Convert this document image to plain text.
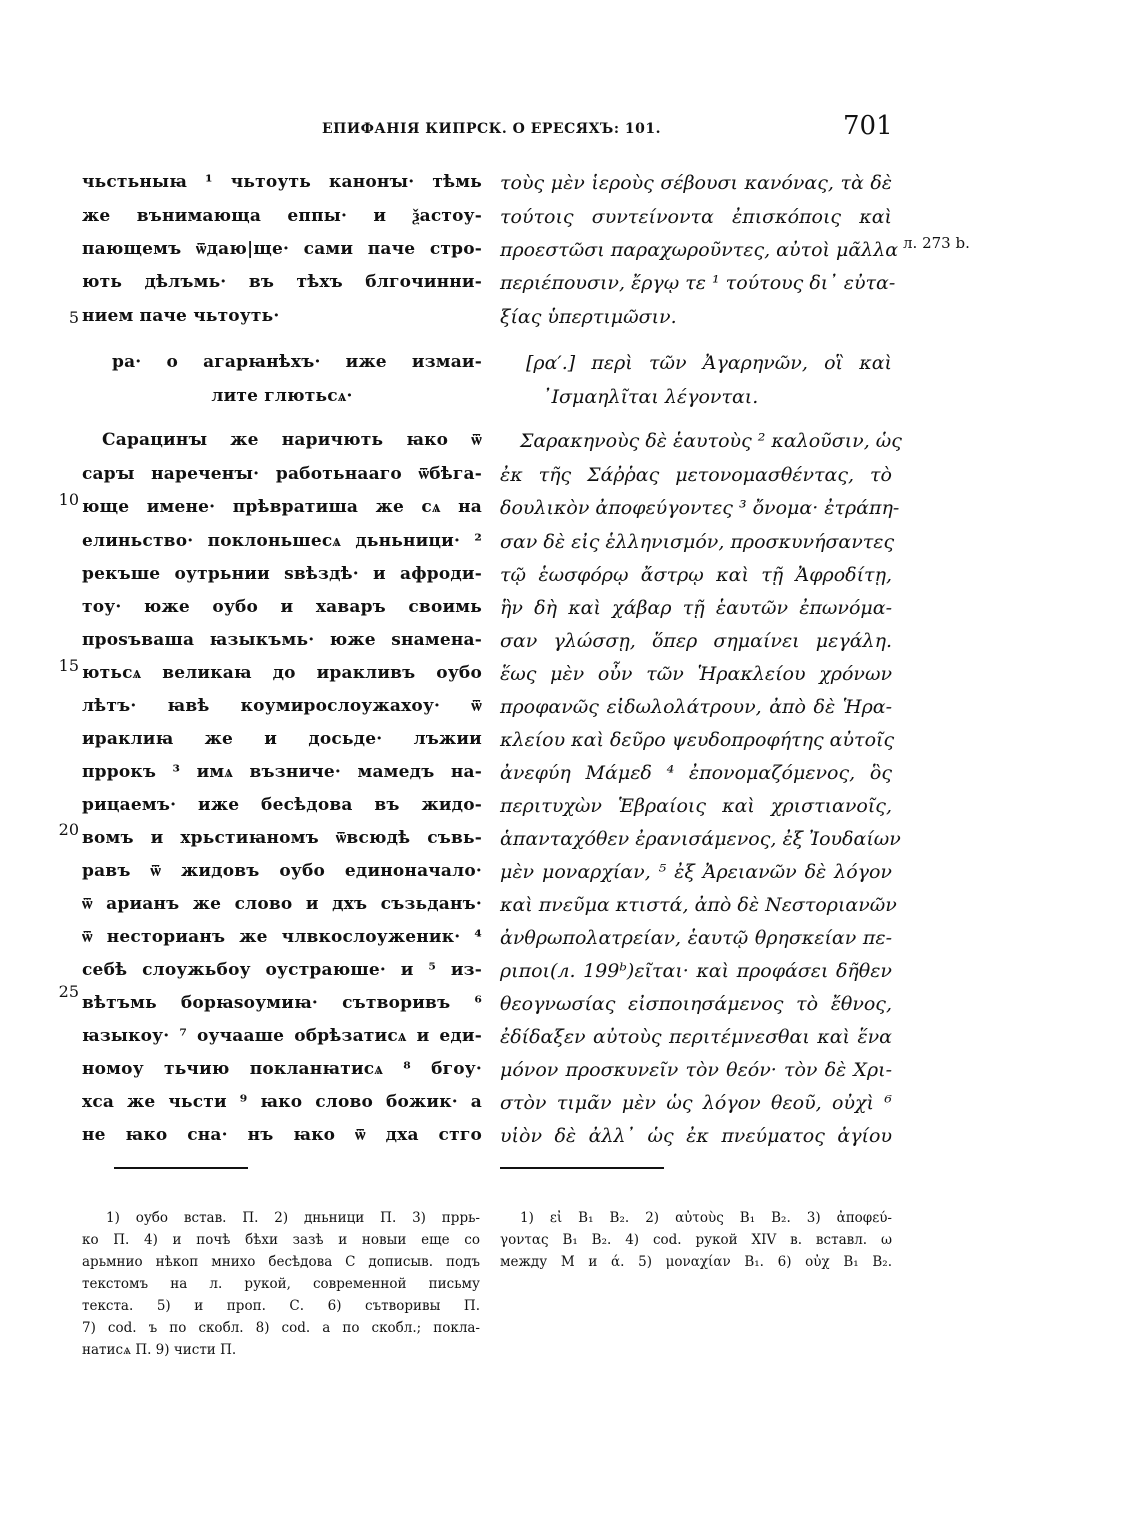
ЕПИФАНІЯ КИПРСК. О ЕРЕСЯХЪ: 101.	701
5
10
15
20
25
л. 273 b.
чьстьныꙗ ¹ чьтоуть канонꙑ· тѣмь
же вънимающа еппы· и ѯастоу-
пающемъ ѿдаю|ще· сами паче стро-
ють дѣлъмь· въ тѣхъ блгочинни-
нием паче чьтоуть·
ра· о агарꙗнѣхъ· иже измаи-
лите глютьсѧ·
Сарацинꙑ же наричють ꙗко ѿ
сарꙑ нареченꙑ· работьнааго ѿбѣга-
юще имене· прѣвратиша же сѧ на
елиньство· поклоньшесѧ дьньници· ²
рекъше оутрьнии ѕвѣздѣ· и афроди-
тоу· юже оубо и хаваръ своимь
проѕъваша ꙗзыкъмь· юже ѕнамена-
ютьсѧ великаꙗ до иракливъ оубо
лѣтъ· ꙗвѣ коумирослоужахоу· ѿ
ираклиꙗ же и досьде· лъжии
пррокъ ³ имѧ възниче· мамедъ на-
рицаемъ· иже бесѣдова въ жидо-
вомъ и хрьстиꙗномъ ѿвсюдѣ съвь-
равъ ѿ жидовъ оубо единоначало·
ѿ арианъ же слово и дхъ съзьданъ·
ѿ несторианъ же члвкослоуженик· ⁴
себѣ слоужьбоу оустраюше· и ⁵ из-
вѣтъмь борꙗѕоумиꙗ· сътворивъ ⁶
ꙗзыкоу· ⁷ оучааше обрѣзатисѧ и еди-
номоу тьчию покланꙗтисѧ ⁸ бгоу·
хса же чьсти ⁹ ꙗко слово божик· а
не ꙗко сна· нъ ꙗко ѿ дха стго
τοὺς μὲν ἱεροὺς σέβουσι κανόνας, τὰ δὲ
τούτοις συντείνοντα ἐπισκόποις καὶ
προεστῶσι παραχωροῦντες, αὐτοὶ μᾶλλα
περιέπουσιν, ἔργῳ τε ¹ τούτους δι᾽ εὐτα-
ξίας ὑπερτιμῶσιν.
[ρα′.] περὶ τῶν Ἀγαρηνῶν, οἳ καὶ
᾽Ισμαηλῖται λέγονται.
Σαρακηνοὺς δὲ ἑαυτοὺς ² καλοῦσιν, ὡς
ἐκ τῆς Σάῤῥας μετονομασθέντας, τὸ
δουλικὸν ἀποφεύγοντες ³ ὄνομα· ἐτράπη-
σαν δὲ εἰς ἑλληνισμόν, προσκυνήσαντες
τῷ ἑωσφόρῳ ἄστρῳ καὶ τῇ Ἀφροδίτῃ,
ἣν δὴ καὶ χάβαρ τῇ ἑαυτῶν ἐπωνόμα-
σαν γλώσσῃ, ὅπερ σημαίνει μεγάλη.
ἕως μὲν οὖν τῶν Ἡρακλείου χρόνων
προφανῶς εἰδωλολάτρουν, ἀπὸ δὲ Ἡρα-
κλείου καὶ δεῦρο ψευδοπροφήτης αὐτοῖς
ἀνεφύη Μάμεδ ⁴ ἐπονομαζόμενος, ὃς
περιτυχὼν Ἑβραίοις καὶ χριστιανοῖς,
ἁπανταχόθεν ἐρανισάμενος, ἐξ Ἰουδαίων
μὲν μοναρχίαν, ⁵ ἐξ Ἀρειανῶν δὲ λόγον
καὶ πνεῦμα κτιστά, ἀπὸ δὲ Νεστοριανῶν
ἀνθρωπολατρείαν, ἑαυτῷ θρησκείαν πε-
ριποι(л. 199ᵇ)εῖται· καὶ προφάσει δῆθεν
θεογνωσίας εἰσποιησάμενος τὸ ἔθνος,
ἐδίδαξεν αὐτοὺς περιτέμνεσθαι καὶ ἕνα
μόνον προσκυνεῖν τὸν θεόν· τὸν δὲ Χρι-
στὸν τιμᾶν μὲν ὡς λόγον θεοῦ, οὐχὶ ⁶
υἱὸν δὲ ἀλλ᾽ ὡς ἐκ πνεύματος ἁγίου
1) оубо встав. П. 2) дньници П. 3) пррь-
ко П. 4) и почѣ бѣхи зазѣ и новыи еще со
арьмнио нѣкоп мнихо бесѣдова С дописыв. подъ
текстомъ на л. рукой, современной письму
текста. 5) и проп. С. 6) сътворивы П.
7) cod. ъ по скобл. 8) cod. а по скобл.; покла-
натисѧ П. 9) чисти П.
1) εἰ B₁ B₂. 2) αὐτοὺς B₁ B₂. 3) ἀποφεύ-
γοντας B₁ B₂. 4) cod. рукой XIV в. вставл. ω
между M и ά. 5) μοναχίαν B₁. 6) οὐχ B₁ B₂.
